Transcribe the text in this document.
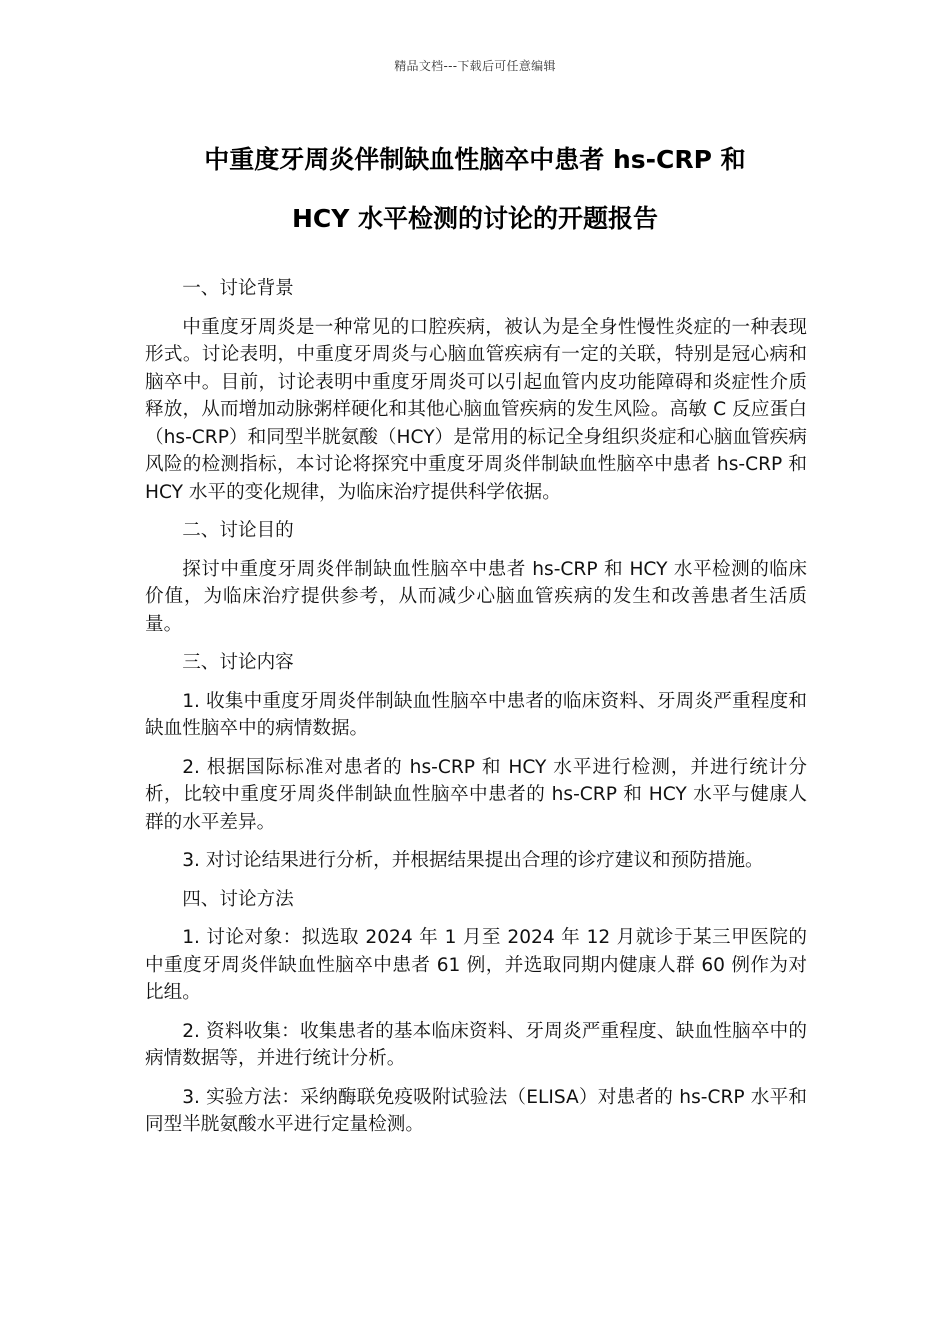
精品文档---下载后可任意编辑
中重度牙周炎伴制缺血性脑卒中患者 hs-CRP 和
HCY 水平检测的讨论的开题报告

一、讨论背景

中重度牙周炎是一种常见的口腔疾病，被认为是全身性慢性炎症的一种表现形式。讨论表明，中重度牙周炎与心脑血管疾病有一定的关联，特别是冠心病和脑卒中。目前，讨论表明中重度牙周炎可以引起血管内皮功能障碍和炎症性介质释放，从而增加动脉粥样硬化和其他心脑血管疾病的发生风险。高敏 C 反应蛋白（hs-CRP）和同型半胱氨酸（HCY）是常用的标记全身组织炎症和心脑血管疾病风险的检测指标，本讨论将探究中重度牙周炎伴制缺血性脑卒中患者 hs-CRP 和 HCY 水平的变化规律，为临床治疗提供科学依据。

二、讨论目的

探讨中重度牙周炎伴制缺血性脑卒中患者 hs-CRP 和 HCY 水平检测的临床价值，为临床治疗提供参考，从而减少心脑血管疾病的发生和改善患者生活质量。

三、讨论内容

1. 收集中重度牙周炎伴制缺血性脑卒中患者的临床资料、牙周炎严重程度和缺血性脑卒中的病情数据。

2. 根据国际标准对患者的 hs-CRP 和 HCY 水平进行检测，并进行统计分析，比较中重度牙周炎伴制缺血性脑卒中患者的 hs-CRP 和 HCY 水平与健康人群的水平差异。

3. 对讨论结果进行分析，并根据结果提出合理的诊疗建议和预防措施。

四、讨论方法

1. 讨论对象：拟选取 2024 年 1 月至 2024 年 12 月就诊于某三甲医院的中重度牙周炎伴缺血性脑卒中患者 61 例，并选取同期内健康人群 60 例作为对比组。

2. 资料收集：收集患者的基本临床资料、牙周炎严重程度、缺血性脑卒中的病情数据等，并进行统计分析。

3. 实验方法：采纳酶联免疫吸附试验法（ELISA）对患者的 hs-CRP 水平和同型半胱氨酸水平进行定量检测。
